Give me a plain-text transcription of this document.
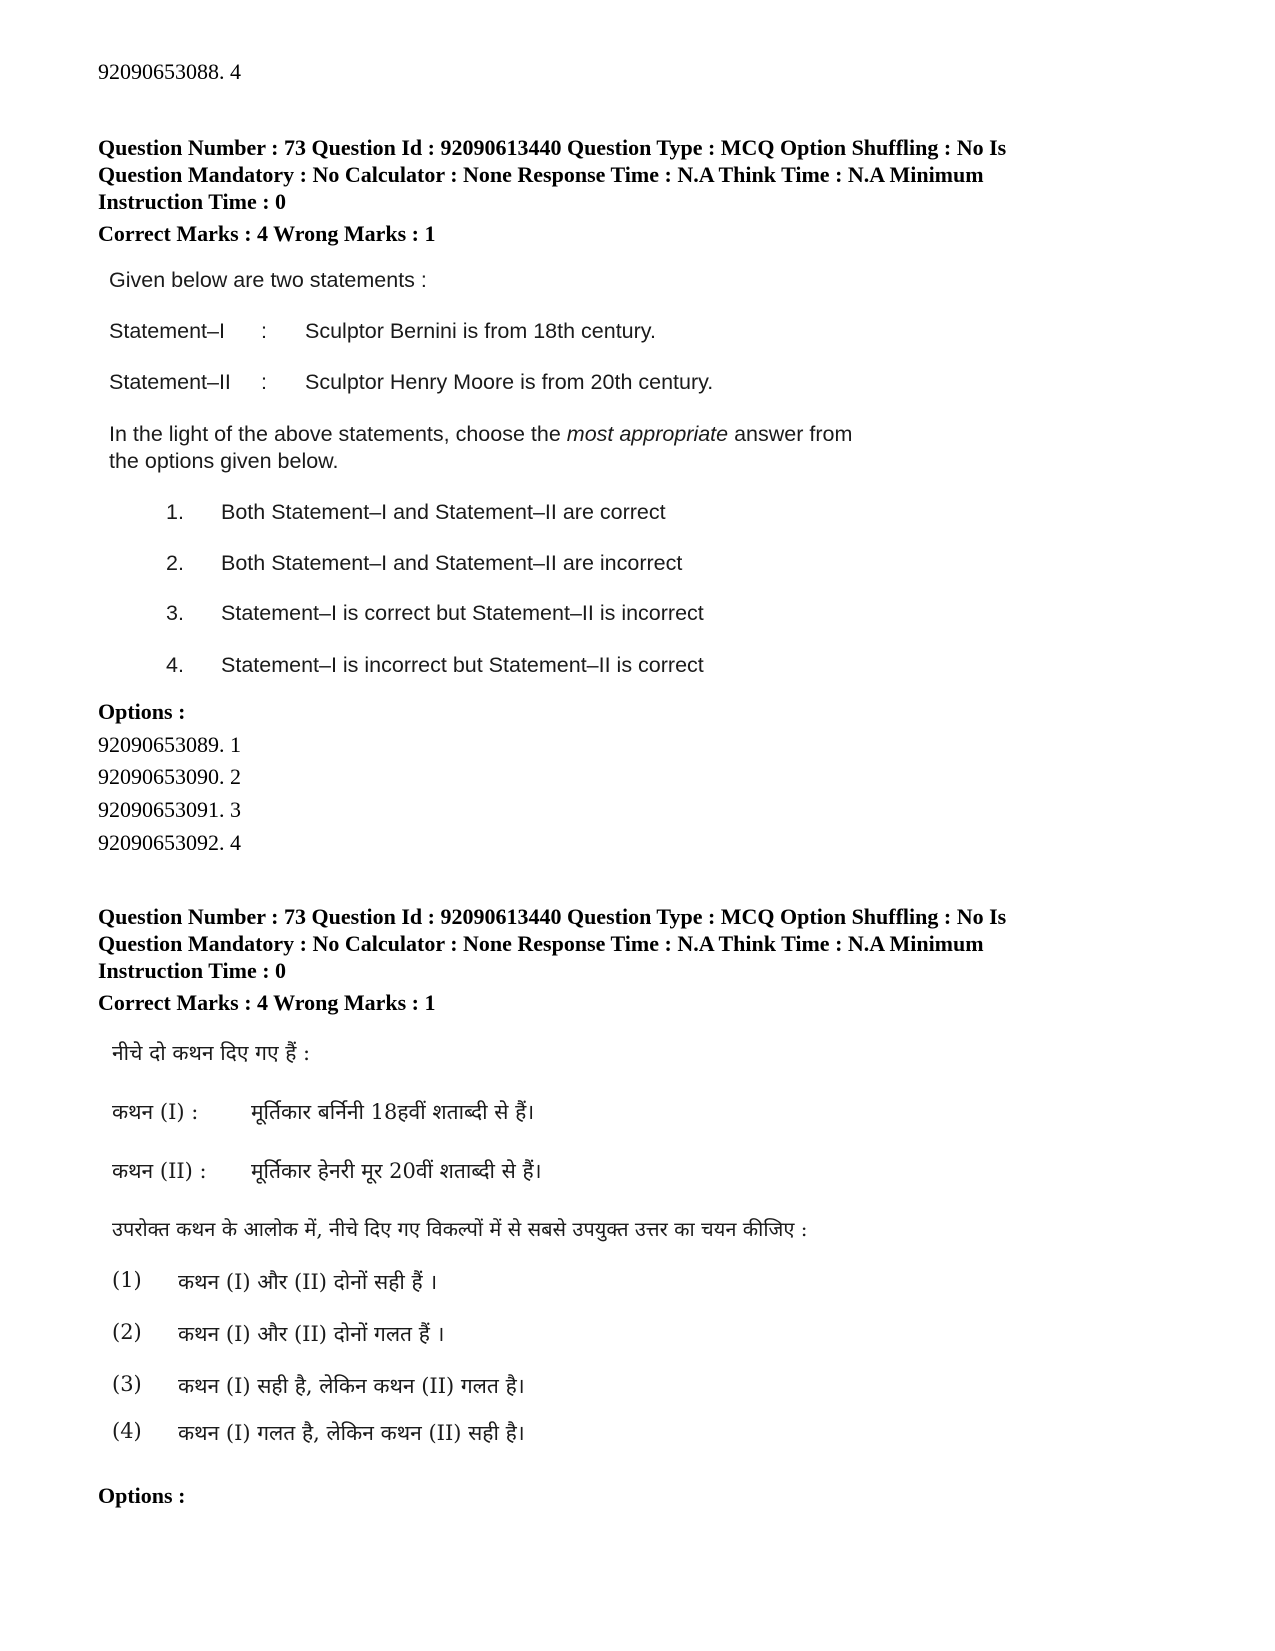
92090653088. 4
Question Number : 73 Question Id : 92090613440 Question Type : MCQ Option Shuffling : No Is
Question Mandatory : No Calculator : None Response Time : N.A Think Time : N.A Minimum
Instruction Time : 0
Correct Marks : 4 Wrong Marks : 1
Given below are two statements :
Statement–I : Sculptor Bernini is from 18th century.
Statement–II : Sculptor Henry Moore is from 20th century.
In the light of the above statements, choose the most appropriate answer from
the options given below.
1. Both Statement–I and Statement–II are correct
2. Both Statement–I and Statement–II are incorrect
3. Statement–I is correct but Statement–II is incorrect
4. Statement–I is incorrect but Statement–II is correct
Options :
92090653089. 1
92090653090. 2
92090653091. 3
92090653092. 4
Question Number : 73 Question Id : 92090613440 Question Type : MCQ Option Shuffling : No Is
Question Mandatory : No Calculator : None Response Time : N.A Think Time : N.A Minimum
Instruction Time : 0
Correct Marks : 4 Wrong Marks : 1
नीचे दो कथन दिए गए हैं :
कथन (I) :	मूर्तिकार बर्निनी 18हवीं शताब्दी से हैं।
कथन (II) : मूर्तिकार हेनरी मूर 20वीं शताब्दी से हैं।
उपरोक्त कथन के आलोक में, नीचे दिए गए विकल्पों में से सबसे उपयुक्त उत्तर का चयन कीजिए :
(1) कथन (I) और (II) दोनों सही हैं ।
(2) कथन (I) और (II) दोनों गलत हैं ।
(3) कथन (I) सही है, लेकिन कथन (II) गलत है।
(4) कथन (I) गलत है, लेकिन कथन (II) सही है।
Options :
